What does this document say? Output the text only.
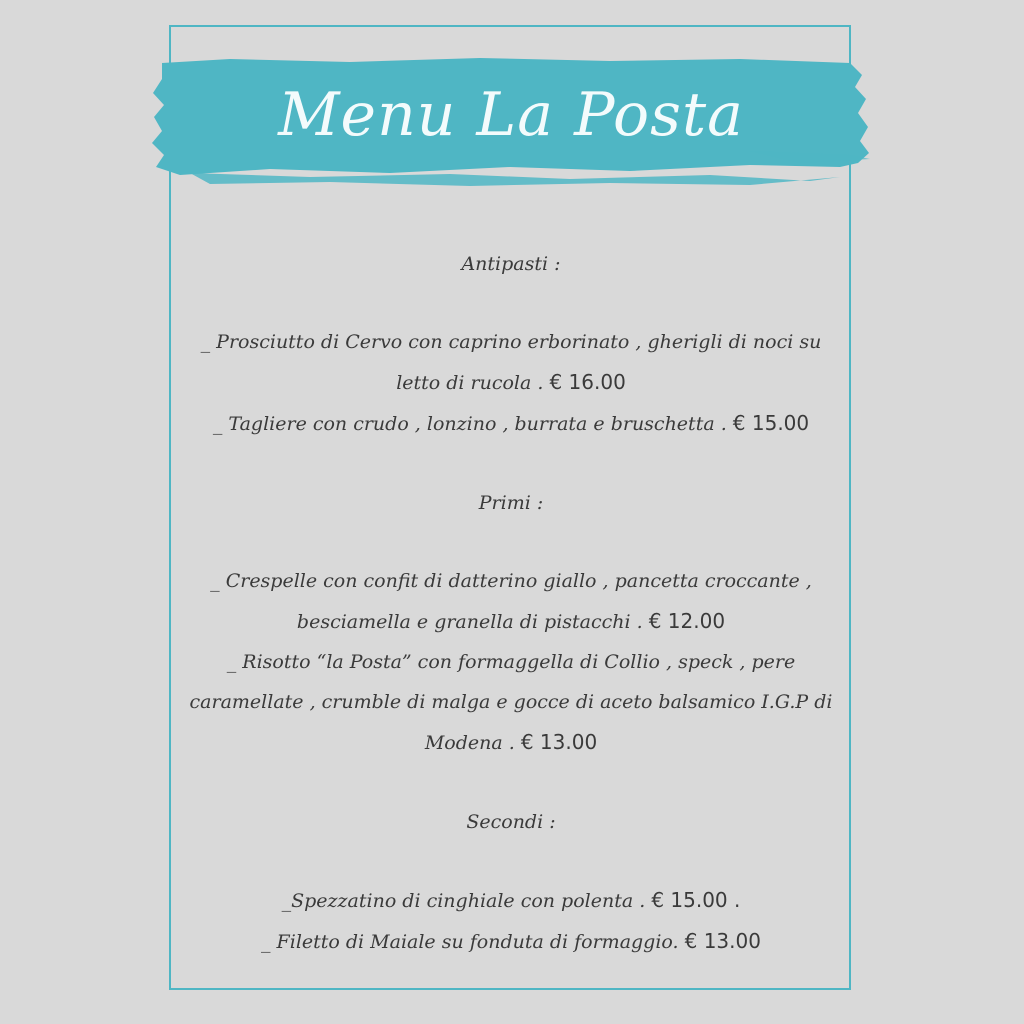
Menu La Posta

Antipasti :

_ Prosciutto di Cervo con caprino erborinato , gherigli di noci su letto di rucola . € 16.00

_ Tagliere con crudo , lonzino , burrata e bruschetta . € 15.00

Primi :

_ Crespelle con confit di datterino giallo , pancetta croccante , besciamella e granella di pistacchi . € 12.00

_ Risotto “la Posta” con formaggella di Collio , speck , pere caramellate , crumble di malga e gocce di aceto balsamico I.G.P di Modena . € 13.00

Secondi :

_Spezzatino di cinghiale con polenta . € 15.00 .

_ Filetto di Maiale su fonduta di formaggio. € 13.00
